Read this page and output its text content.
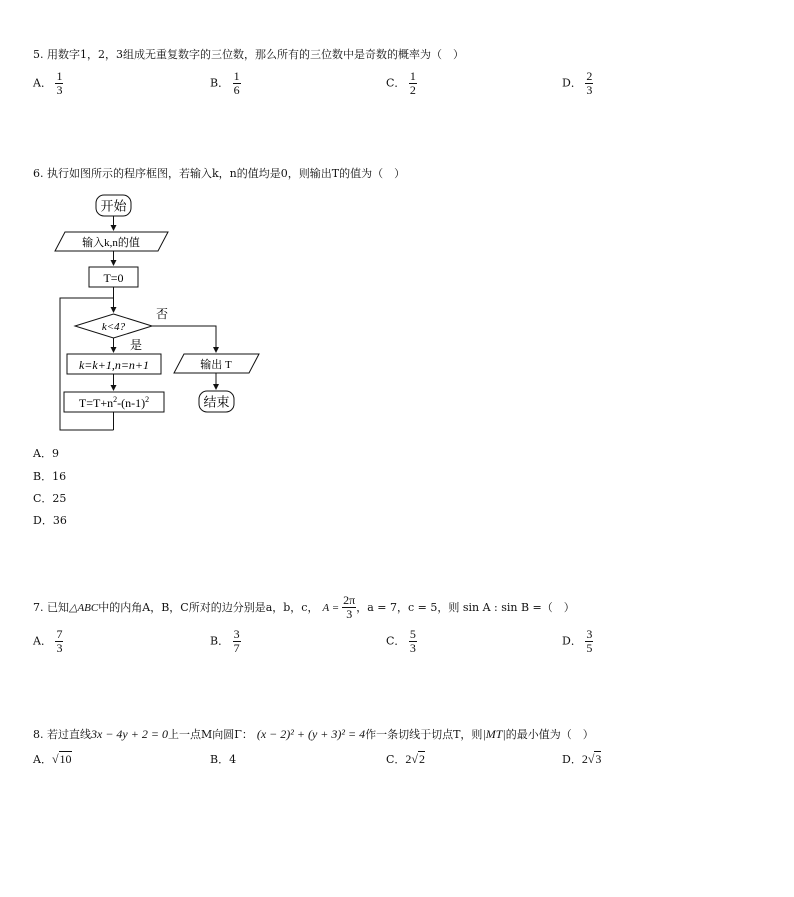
5. 用数字1，2，3组成无重复数字的三位数，那么所有的三位数中是奇数的概率为（　）
A． $\frac{1}{3}$	B． $\frac{1}{6}$	C． $\frac{1}{2}$	D． $\frac{2}{3}$
6. 执行如图所示的程序框图，若输入k，n的值均是0，则输出T的值为（　）
开始
输入k,n的值
T=0
k<4?
否
是
k=k+1,n=n+1
$T=T+n^2-(n-1)^2$
输出 T
结束
A．9
B．16
C．25
D．36
7. 已知 △ABC 中的内角A，B，C所对的边分别是a，b，c， $A = \frac{2\pi}{3}$ ，a = 7，c = 5，则 sin A : sin B =（　）
A． $\frac{7}{3}$	B． $\frac{3}{7}$	C． $\frac{5}{3}$	D． $\frac{3}{5}$
8. 若过直线3x − 4y + 2 = 0上一点M向圆Γ： (x − 2)² + (y + 3)² = 4作一条切线于切点T，则|MT|的最小值为（　）
A．√10	B．4	C．2√2	D．2√3
